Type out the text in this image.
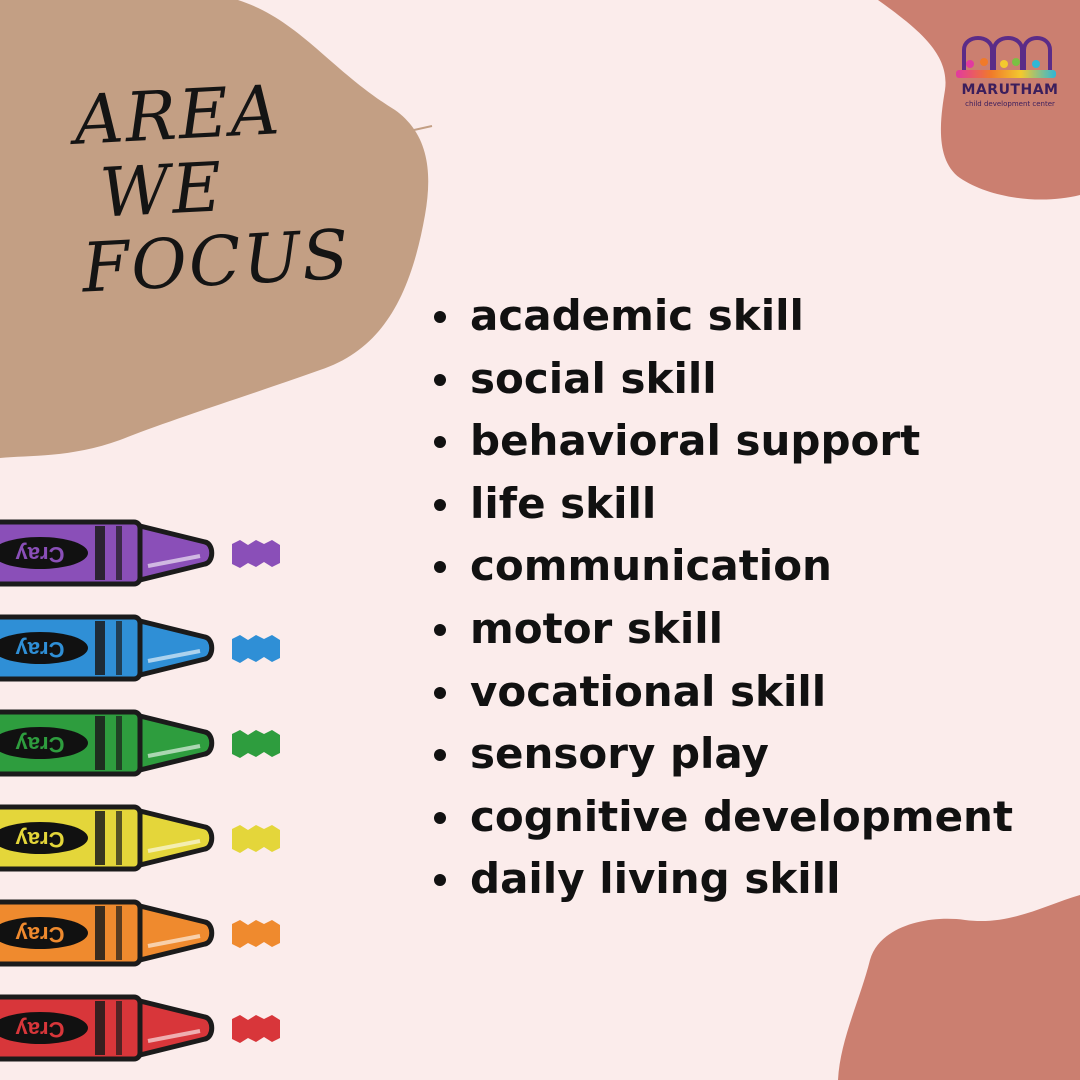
AREA
WE
FOCUS
MARUTHAM
child development center
academic skill
social skill
behavioral support
life skill
communication
motor skill
vocational skill
sensory play
cognitive development
daily living skill
Cray
Cray
Cray
Cray
Cray
Cray
